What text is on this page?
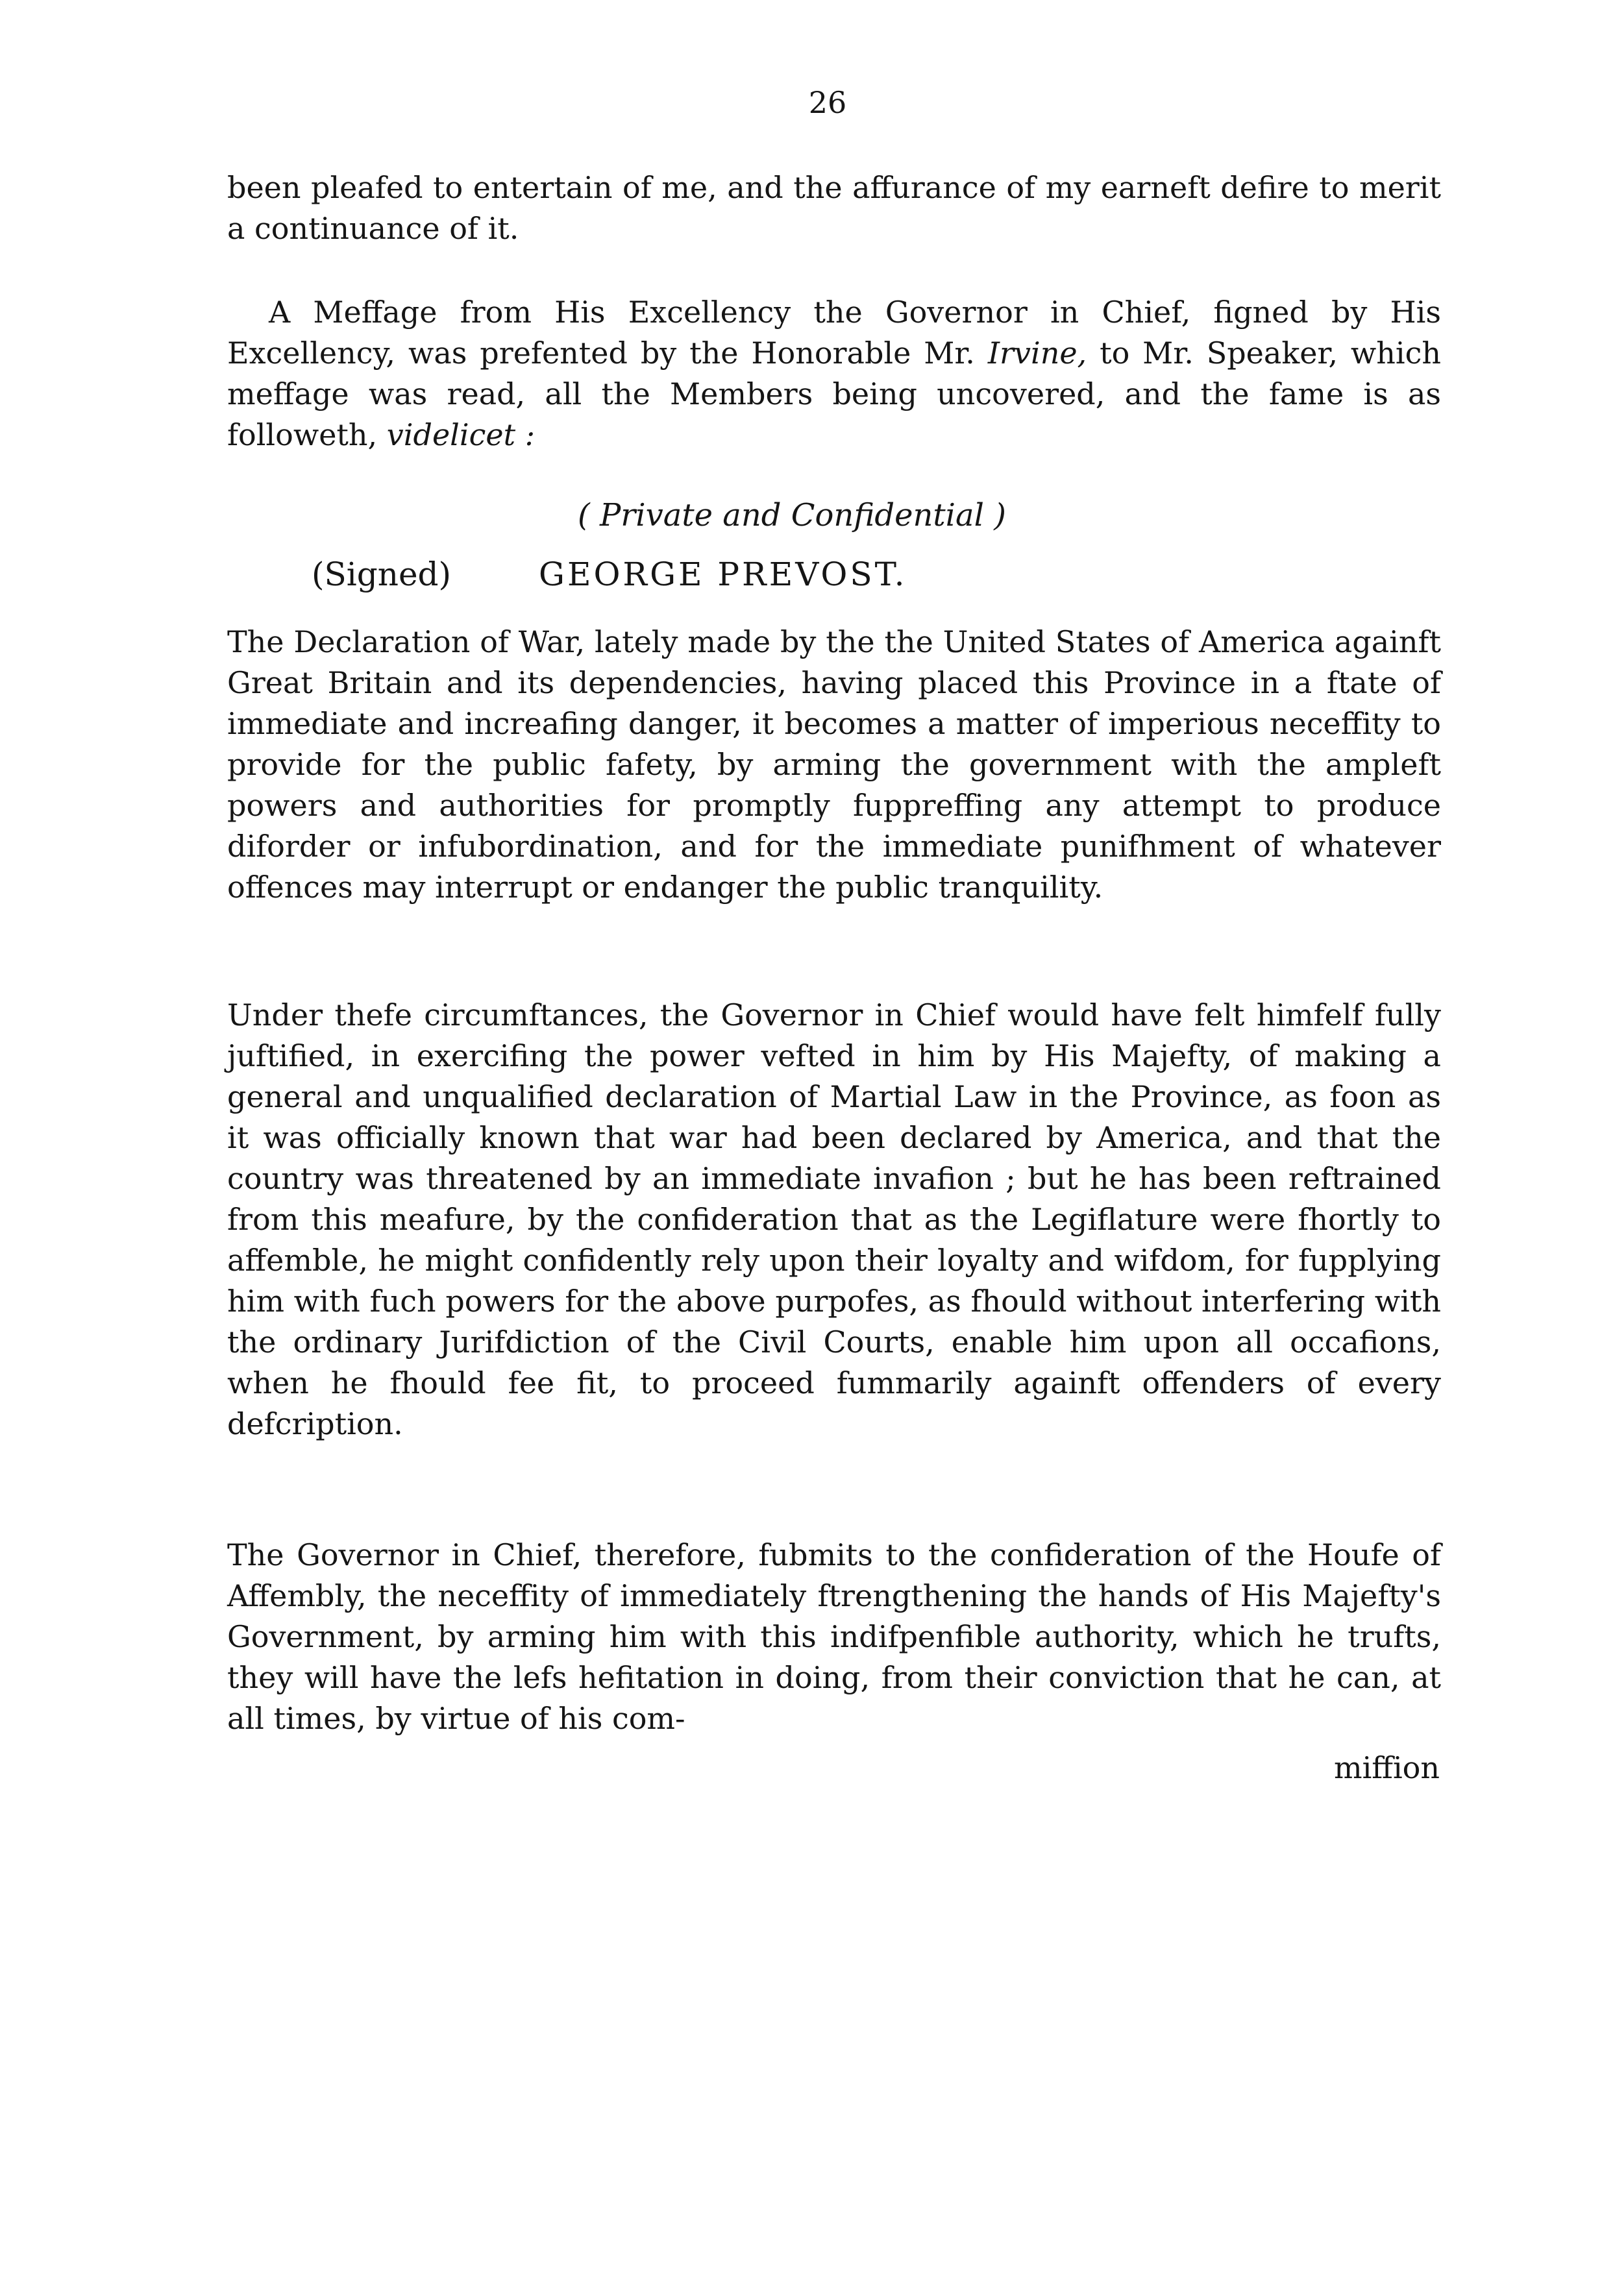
26

been pleafed to entertain of me, and the affurance of my earneft defire to merit a continuance of it.

A Meffage from His Excellency the Governor in Chief, figned by His Excellency, was prefented by the Honorable Mr. Irvine, to Mr. Speaker, which meffage was read, all the Members being uncovered, and the fame is as followeth, videlicet :

( Private and Confidential )
(Signed)	GEORGE PREVOST.

The Declaration of War, lately made by the the United States of America againft Great Britain and its dependencies, having placed this Province in a ftate of immediate and increafing danger, it becomes a matter of imperious neceffity to provide for the public fafety, by arming the government with the ampleft powers and authorities for promptly fuppreffing any attempt to produce diforder or infubordination, and for the immediate punifhment of whatever offences may interrupt or endanger the public tranquility.

Under thefe circumftances, the Governor in Chief would have felt himfelf fully juftified, in exercifing the power vefted in him by His Majefty, of making a general and unqualified declaration of Martial Law in the Province, as foon as it was officially known that war had been declared by America, and that the country was threatened by an immediate invafion ; but he has been reftrained from this meafure, by the confideration that as the Legiflature were fhortly to affemble, he might confidently rely upon their loyalty and wifdom, for fupplying him with fuch powers for the above purpofes, as fhould without interfering with the ordinary Jurifdiction of the Civil Courts, enable him upon all occafions, when he fhould fee fit, to proceed fummarily againft offenders of every defcription.

The Governor in Chief, therefore, fubmits to the confideration of the Houfe of Affembly, the neceffity of immediately ftrengthening the hands of His Majefty's Government, by arming him with this indifpenfible authority, which he trufts, they will have the lefs hefitation in doing, from their conviction that he can, at all times, by virtue of his com-

miffion
